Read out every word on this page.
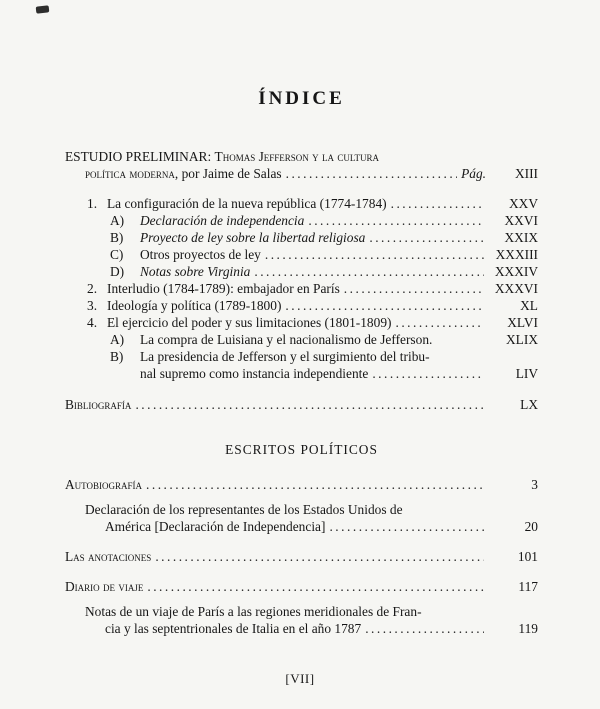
ÍNDICE
ESTUDIO PRELIMINAR: Thomas Jefferson y la cultura
política moderna, por Jaime de Salas .....	Pág.	XIII
1. La configuración de la nueva república (1774-1784) .....	XXV
A)	Declaración de independencia .....	XXVI
B)	Proyecto de ley sobre la libertad religiosa .....	XXIX
C)	Otros proyectos de ley .....	XXXIII
D)	Notas sobre Virginia .....	XXXIV
2. Interludio (1784-1789): embajador en París .....	XXXVI
3. Ideología y política (1789-1800) .....	XL
4. El ejercicio del poder y sus limitaciones (1801-1809) .....	XLVI
A)	La compra de Luisiana y el nacionalismo de Jefferson.	XLIX
B)	La presidencia de Jefferson y el surgimiento del tribu-
nal supremo como instancia independiente .....	LIV
Bibliografía .....	LX
ESCRITOS POLÍTICOS
Autobiografía .....	3
Declaración de los representantes de los Estados Unidos de
América [Declaración de Independencia] .....	20
Las anotaciones .....	101
Diario de viaje .....	117
Notas de un viaje de París a las regiones meridionales de Fran-
cia y las septentrionales de Italia en el año 1787 .....	119
[VII]
